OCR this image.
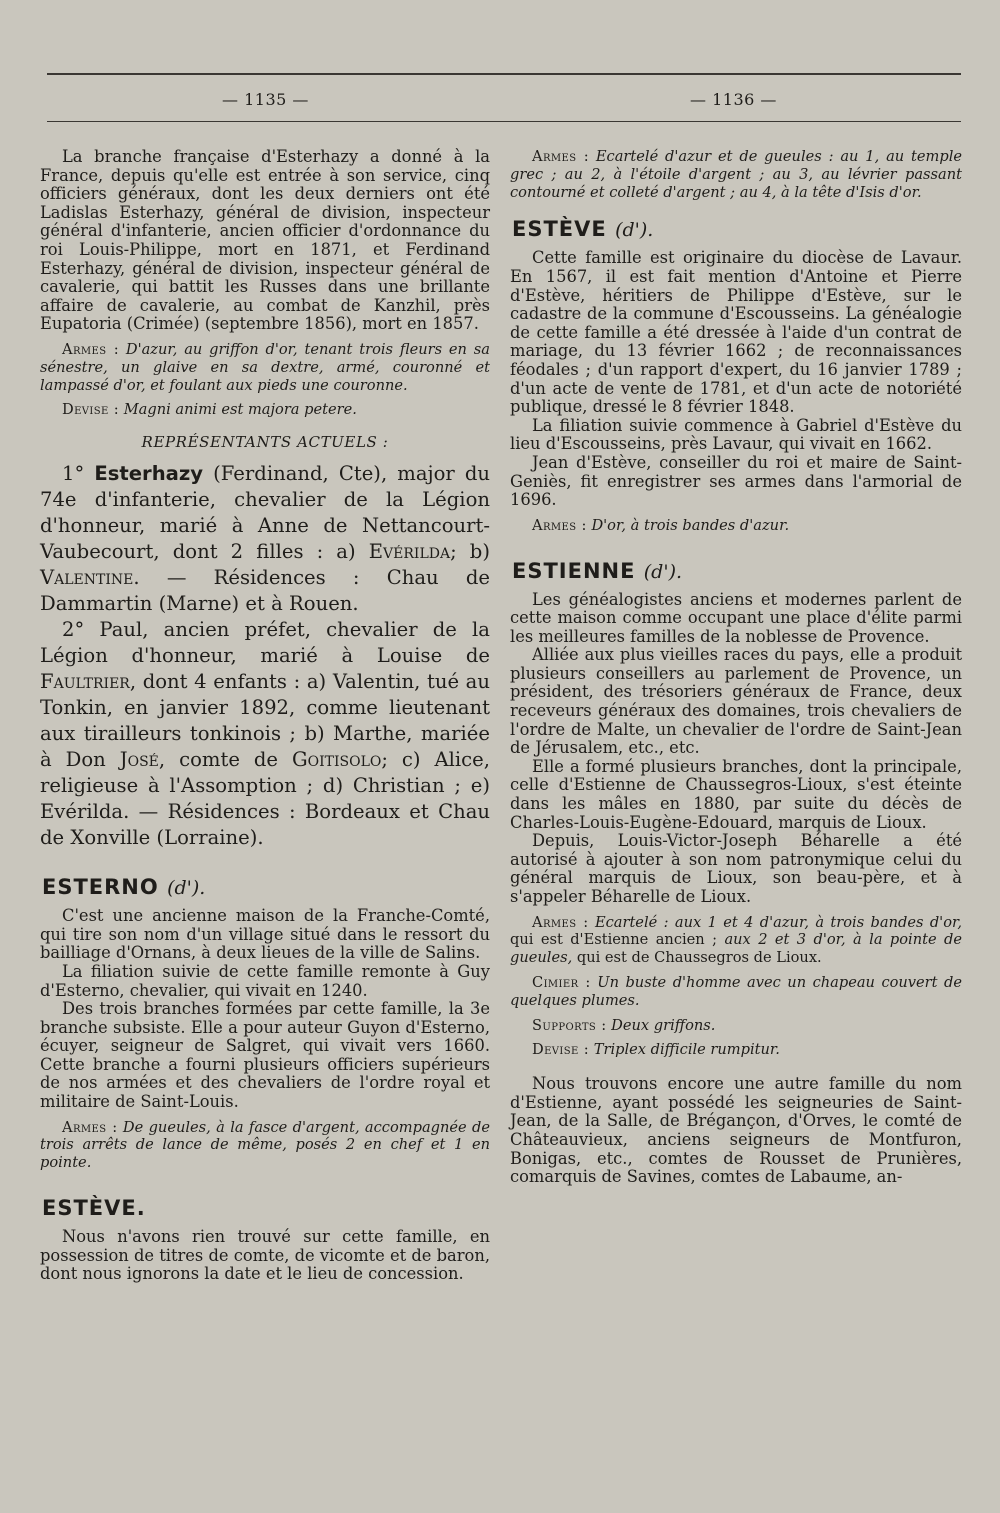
— 1135 —	— 1136 —

La branche française d'Esterhazy a donné à la France, depuis qu'elle est entrée à son service, cinq officiers généraux, dont les deux derniers ont été Ladislas Esterhazy, général de division, inspecteur général d'infanterie, ancien officier d'ordonnance du roi Louis-Philippe, mort en 1871, et Ferdinand Esterhazy, général de division, inspecteur général de cavalerie, qui battit les Russes dans une brillante affaire de cavalerie, au combat de Kanzhil, près Eupatoria (Crimée) (septembre 1856), mort en 1857.

Armes : D'azur, au griffon d'or, tenant trois fleurs en sa sénestre, un glaive en sa dextre, armé, couronné et lampassé d'or, et foulant aux pieds une couronne.

Devise : Magni animi est majora petere.

REPRÉSENTANTS ACTUELS :

1° Esterhazy (Ferdinand, Cte), major du 74e d'infanterie, chevalier de la Légion d'honneur, marié à Anne de Nettancourt-Vaubecourt, dont 2 filles : a) Evérilda; b) Valentine. — Résidences : Chau de Dammartin (Marne) et à Rouen.

2° Paul, ancien préfet, chevalier de la Légion d'honneur, marié à Louise de Faultrier, dont 4 enfants : a) Valentin, tué au Tonkin, en janvier 1892, comme lieutenant aux tirailleurs tonkinois ; b) Marthe, mariée à Don José, comte de Goitisolo; c) Alice, religieuse à l'Assomption ; d) Christian ; e) Evérilda. — Résidences : Bordeaux et Chau de Xonville (Lorraine).

ESTERNO (d').

C'est une ancienne maison de la Franche-Comté, qui tire son nom d'un village situé dans le ressort du bailliage d'Ornans, à deux lieues de la ville de Salins.

La filiation suivie de cette famille remonte à Guy d'Esterno, chevalier, qui vivait en 1240.

Des trois branches formées par cette famille, la 3e branche subsiste. Elle a pour auteur Guyon d'Esterno, écuyer, seigneur de Salgret, qui vivait vers 1660. Cette branche a fourni plusieurs officiers supérieurs de nos armées et des chevaliers de l'ordre royal et militaire de Saint-Louis.

Armes : De gueules, à la fasce d'argent, accompagnée de trois arrêts de lance de même, posés 2 en chef et 1 en pointe.

ESTÈVE.

Nous n'avons rien trouvé sur cette famille, en possession de titres de comte, de vicomte et de baron, dont nous ignorons la date et le lieu de concession.

Armes : Ecartelé d'azur et de gueules : au 1, au temple grec ; au 2, à l'étoile d'argent ; au 3, au lévrier passant contourné et colleté d'argent ; au 4, à la tête d'Isis d'or.

ESTÈVE (d').

Cette famille est originaire du diocèse de Lavaur. En 1567, il est fait mention d'Antoine et Pierre d'Estève, héritiers de Philippe d'Estève, sur le cadastre de la commune d'Escousseins. La généalogie de cette famille a été dressée à l'aide d'un contrat de mariage, du 13 février 1662 ; de reconnaissances féodales ; d'un rapport d'expert, du 16 janvier 1789 ; d'un acte de vente de 1781, et d'un acte de notoriété publique, dressé le 8 février 1848.

La filiation suivie commence à Gabriel d'Estève du lieu d'Escousseins, près Lavaur, qui vivait en 1662.

Jean d'Estève, conseiller du roi et maire de Saint-Geniès, fit enregistrer ses armes dans l'armorial de 1696.

Armes : D'or, à trois bandes d'azur.

ESTIENNE (d').

Les généalogistes anciens et modernes parlent de cette maison comme occupant une place d'élite parmi les meilleures familles de la noblesse de Provence.

Alliée aux plus vieilles races du pays, elle a produit plusieurs conseillers au parlement de Provence, un président, des trésoriers généraux de France, deux receveurs généraux des domaines, trois chevaliers de l'ordre de Malte, un chevalier de l'ordre de Saint-Jean de Jérusalem, etc., etc.

Elle a formé plusieurs branches, dont la principale, celle d'Estienne de Chaussegros-Lioux, s'est éteinte dans les mâles en 1880, par suite du décès de Charles-Louis-Eugène-Edouard, marquis de Lioux.

Depuis, Louis-Victor-Joseph Béharelle a été autorisé à ajouter à son nom patronymique celui du général marquis de Lioux, son beau-père, et à s'appeler Béharelle de Lioux.

Armes : Ecartelé : aux 1 et 4 d'azur, à trois bandes d'or, qui est d'Estienne ancien ; aux 2 et 3 d'or, à la pointe de gueules, qui est de Chaussegros de Lioux.

Cimier : Un buste d'homme avec un chapeau couvert de quelques plumes.

Supports : Deux griffons.

Devise : Triplex difficile rumpitur.

Nous trouvons encore une autre famille du nom d'Estienne, ayant possédé les seigneuries de Saint-Jean, de la Salle, de Brégançon, d'Orves, le comté de Châteauvieux, anciens seigneurs de Montfuron, Bonigas, etc., comtes de Rousset de Prunières, comarquis de Savines, comtes de Labaume, an-
